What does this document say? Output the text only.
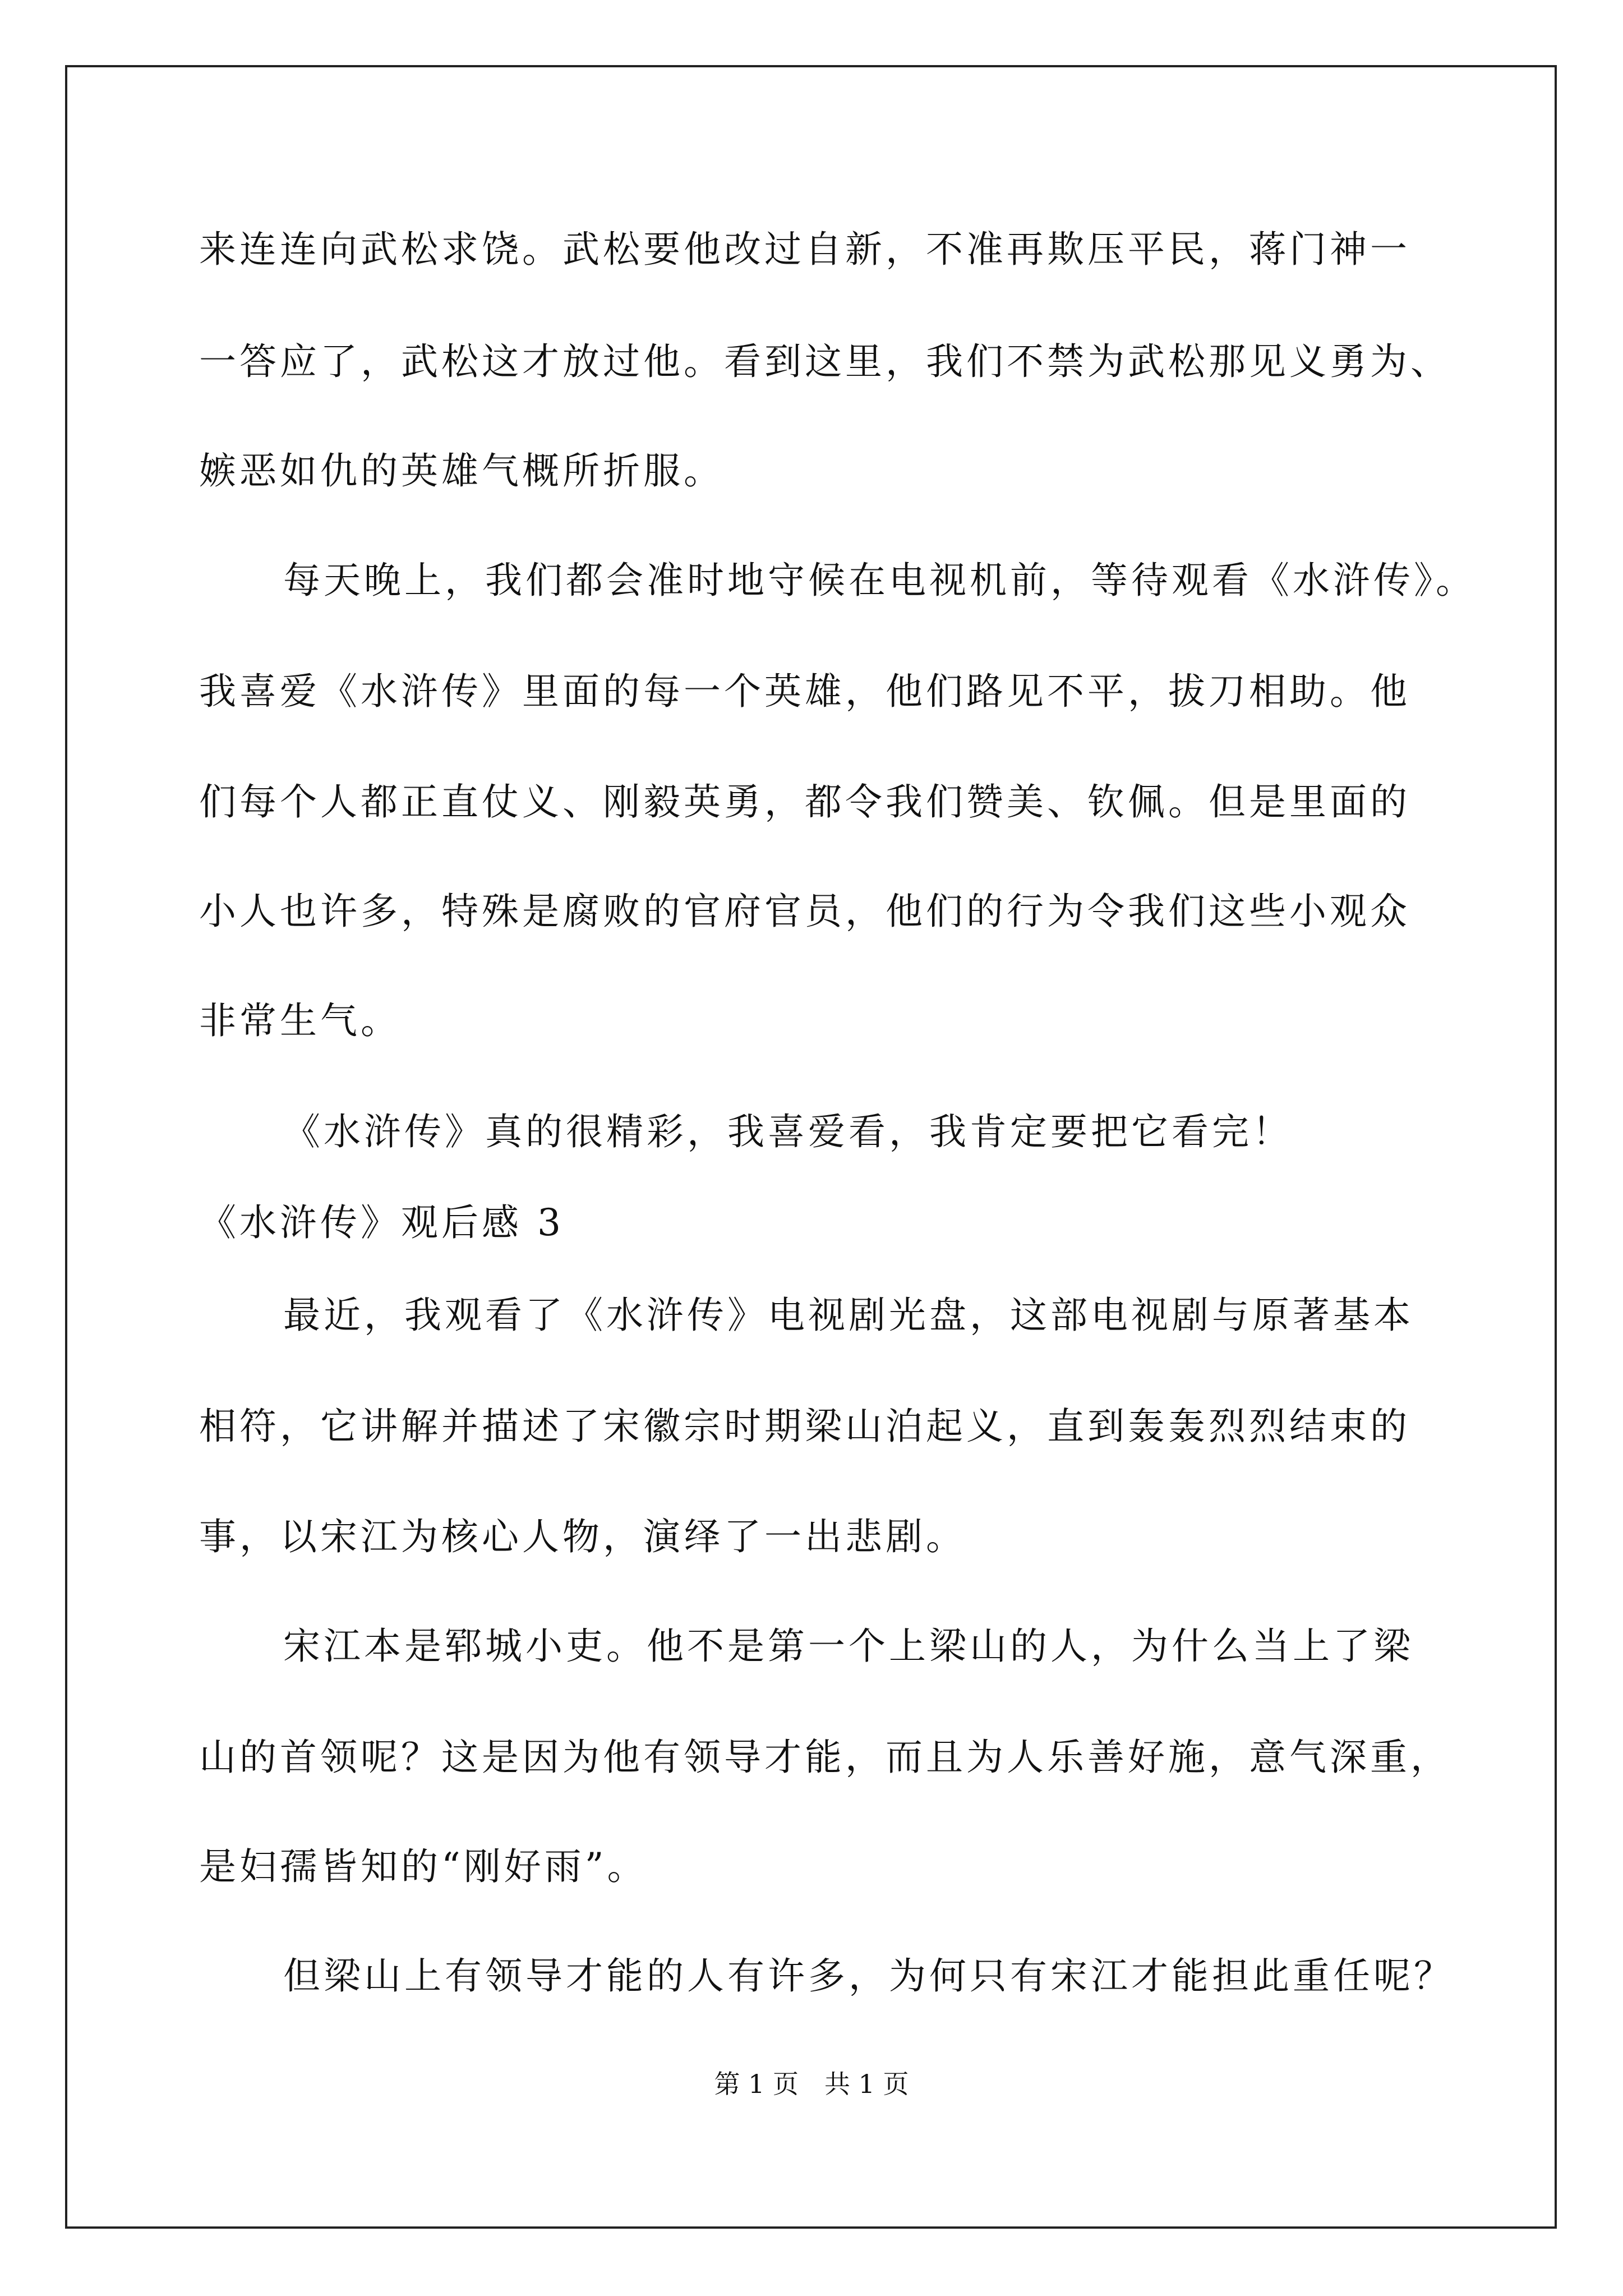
来连连向武松求饶。武松要他改过自新，不准再欺压平民，蒋门神一

一答应了，武松这才放过他。看到这里，我们不禁为武松那见义勇为、

嫉恶如仇的英雄气概所折服。

每天晚上，我们都会准时地守候在电视机前，等待观看《水浒传》。

我喜爱《水浒传》里面的每一个英雄，他们路见不平，拔刀相助。他

们每个人都正直仗义、刚毅英勇，都令我们赞美、钦佩。但是里面的

小人也许多，特殊是腐败的官府官员，他们的行为令我们这些小观众

非常生气。

《水浒传》真的很精彩，我喜爱看，我肯定要把它看完！

《水浒传》观后感 3

最近，我观看了《水浒传》电视剧光盘，这部电视剧与原著基本

相符，它讲解并描述了宋徽宗时期梁山泊起义，直到轰轰烈烈结束的

事，以宋江为核心人物，演绎了一出悲剧。

宋江本是郓城小吏。他不是第一个上梁山的人，为什么当上了梁

山的首领呢？这是因为他有领导才能，而且为人乐善好施，意气深重，

是妇孺皆知的“刚好雨”。

但梁山上有领导才能的人有许多，为何只有宋江才能担此重任呢？

第 1 页　共 1 页
